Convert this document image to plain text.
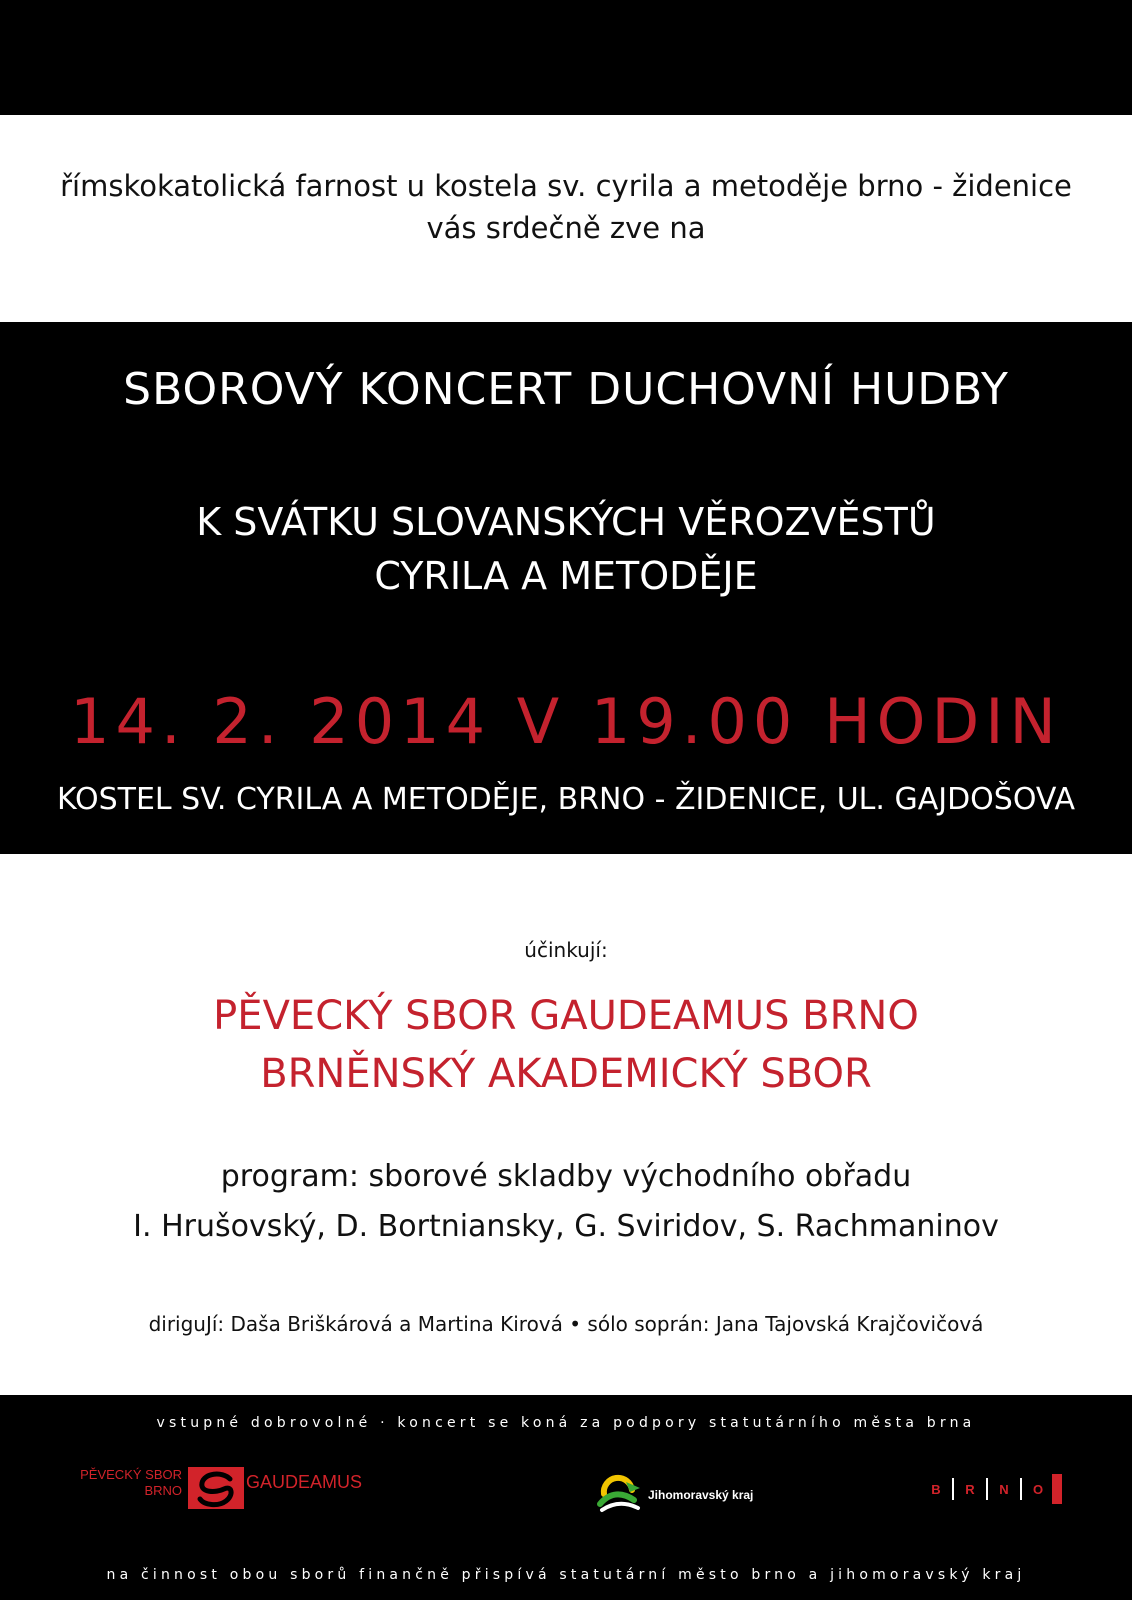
římskokatolická farnost u kostela sv. cyrila a metoděje brno - židenice
vás srdečně zve na
SBOROVÝ KONCERT DUCHOVNÍ HUDBY
K SVÁTKU SLOVANSKÝCH VĚROZVĚSTŮ
CYRILA A METODĚJE
14. 2. 2014 V 19.00 HODIN
KOSTEL SV. CYRILA A METODĚJE, BRNO - ŽIDENICE, UL. GAJDOŠOVA
účinkují:
PĚVECKÝ SBOR GAUDEAMUS BRNO
BRNĚNSKÝ AKADEMICKÝ SBOR
program: sborové skladby východního obřadu
I. Hrušovský, D. Bortniansky, G. Sviridov, S. Rachmaninov
diriguJí: Daša Briškárová a Martina Kirová • sólo soprán: Jana Tajovská Krajčovičová
vstupné dobrovolné · koncert se koná za podpory statutárního města brna
PĚVECKÝ SBOR
BRNO	GAUDEAMUS
Jihomoravský kraj	B R N O
na činnost obou sborů finančně přispívá statutární město brno a jihomoravský kraj
